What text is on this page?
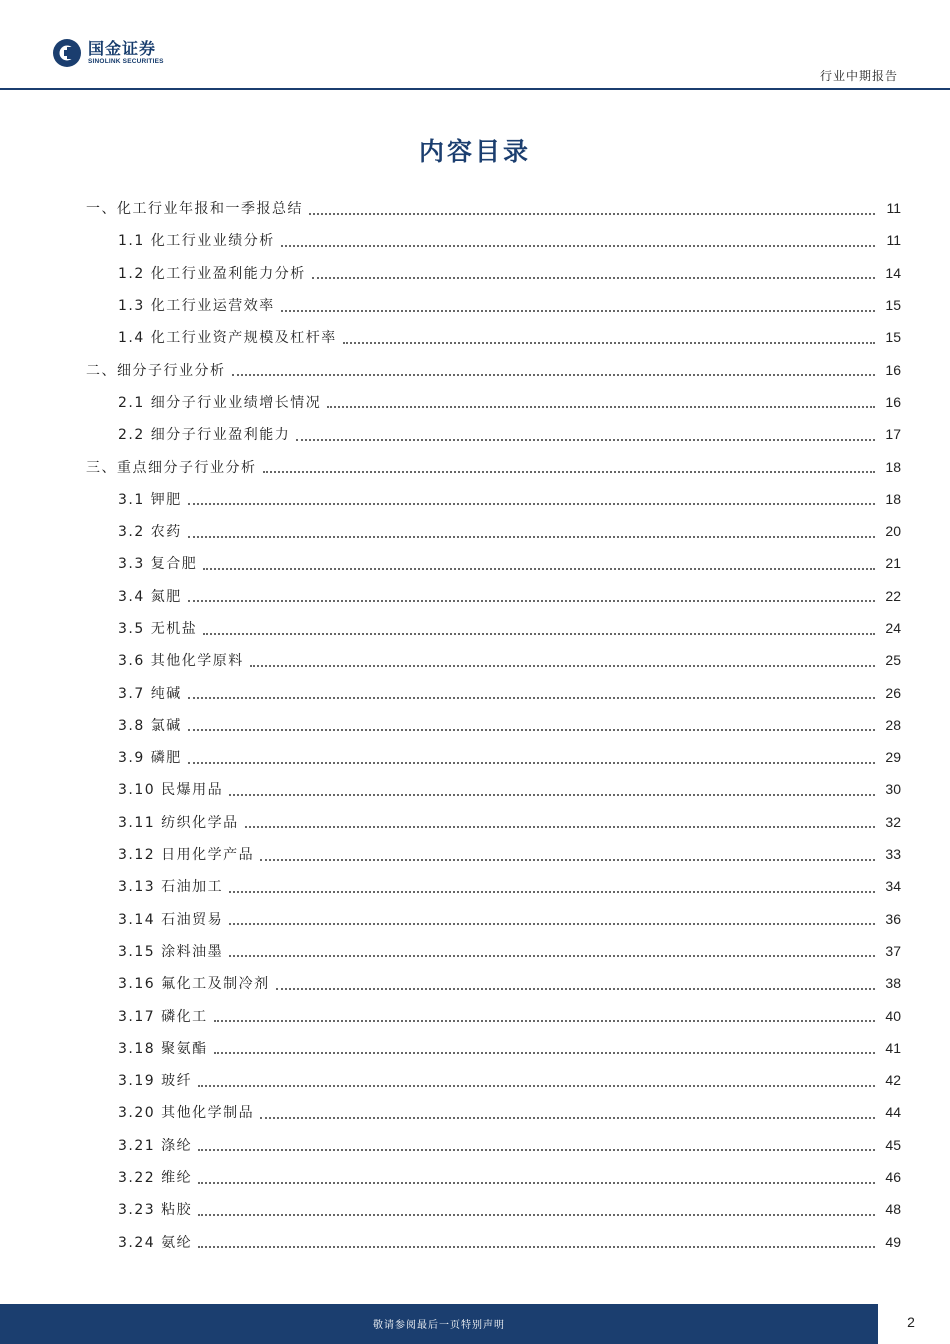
国金证券
SINOLINK SECURITIES
行业中期报告
内容目录
一、化工行业年报和一季报总结	11
1.1 化工行业业绩分析	11
1.2 化工行业盈利能力分析	14
1.3 化工行业运营效率	15
1.4 化工行业资产规模及杠杆率	15
二、细分子行业分析	16
2.1 细分子行业业绩增长情况	16
2.2 细分子行业盈利能力	17
三、重点细分子行业分析	18
3.1 钾肥	18
3.2 农药	20
3.3 复合肥	21
3.4 氮肥	22
3.5 无机盐	24
3.6 其他化学原料	25
3.7 纯碱	26
3.8 氯碱	28
3.9 磷肥	29
3.10 民爆用品	30
3.11 纺织化学品	32
3.12 日用化学产品	33
3.13 石油加工	34
3.14 石油贸易	36
3.15 涂料油墨	37
3.16 氟化工及制冷剂	38
3.17 磷化工	40
3.18 聚氨酯	41
3.19 玻纤	42
3.20 其他化学制品	44
3.21 涤纶	45
3.22 维纶	46
3.23 粘胶	48
3.24 氨纶	49
敬请参阅最后一页特别声明	2
